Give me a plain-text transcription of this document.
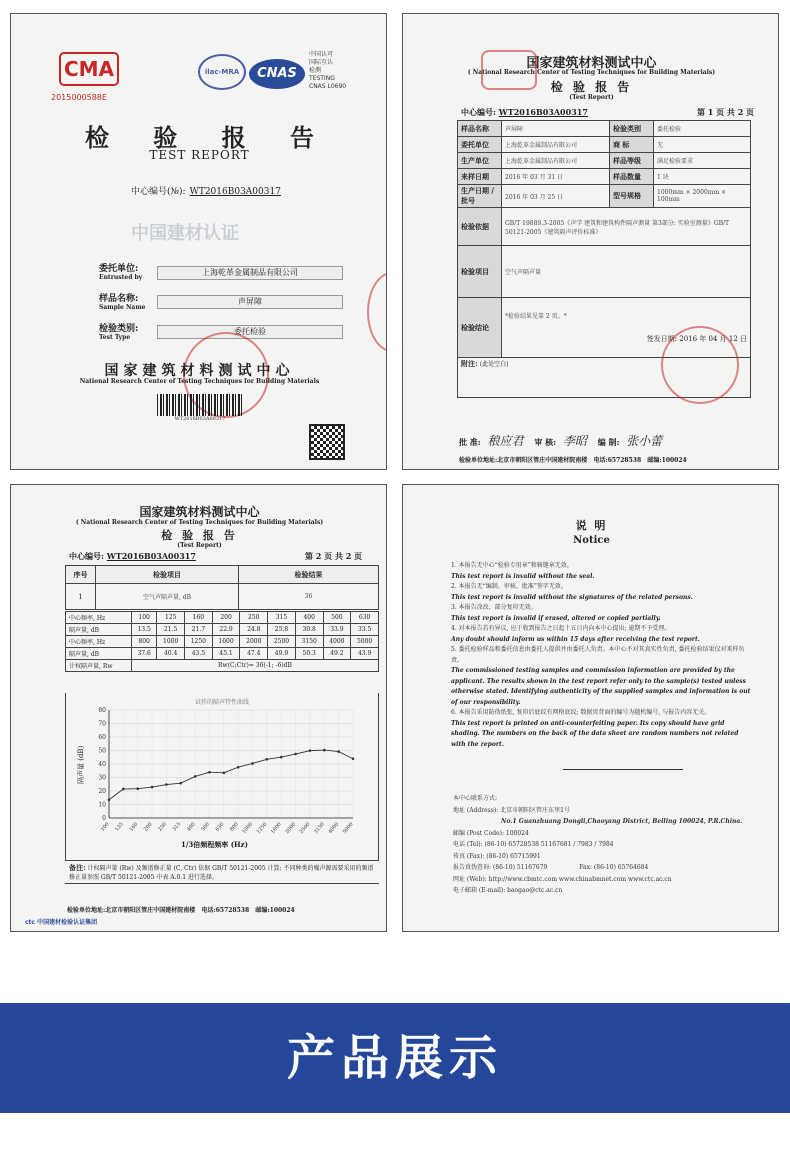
CMA
2015000588E
ilac-MRA	CNAS
中国认可
国际互认
检测
TESTING
CNAS L0690
检 验 报 告
TEST REPORT
中心编号(№): WT2016B03A00317
中国建材认证
委托单位:
Entrusted by
上海乾革金属制品有限公司
样品名称:
Sample Name
声屏障
检验类别:
Test Type
委托检验
国家建筑材料测试中心
National Research Center of Testing Techniques for Building Materials
WT2016B03A00317
国家建筑材料测试中心
( National Research Center of Testing Techniques for Building Materials)
检 验 报 告
(Test Report)
中心编号: WT2016B03A00317	第 1 页 共 2 页
样品名称	声屏障	检验类别	委托检验
委托单位	上海乾革金属制品有限公司	商 标	无
生产单位	上海乾革金属制品有限公司	样品等级	满足检验要求
来样日期	2016 年 03 月 31 日	样品数量	1 块
生产日期 /批号	2016 年 03 月 25 日	型号规格	1000mm × 2000mm × 100mm
检验依据	GB/T 19889.3-2005《声学 建筑和建筑构件隔声测量 第3部分: 实验室测量》GB/T 50121-2005《建筑隔声评价标准》		
检验项目	空气声隔声量		
检验结论	*检验结果见第 2 页。*
签发日期: 2016 年 04 月 12 日		

附注: (此处空白)			
批 准: 稂应君 审 核: 李昭 编 制: 张小蕾
检验单位地址:北京市朝阳区管庄中国建材院南楼 电话:65728538 邮编:100024
国家建筑材料测试中心
( National Research Center of Testing Techniques for Building Materials)
检 验 报 告
(Test Report)
中心编号: WT2016B03A00317	第 2 页 共 2 页
序号	检验项目	检验结果
1	空气声隔声量, dB	36
中心频率, Hz	100	125	160	200	250	315	400	500	630
隔声量, dB	13.5	21.5	21.7	22.9	24.8	25.8	30.8	33.9	33.5
中心频率, Hz	800	1000	1250	1600	2000	2500	3150	4000	5000
隔声量, dB	37.6	40.4	43.5	45.1	47.4	49.9	50.3	49.2	43.9
计权隔声量, Rw	Rw(C;Ctr)= 36(-1; -6)dB								
试样的隔声特性曲线
0
10
20
30
40
50
60
70
80
100 125 160 200 250 315 400 500 630 800 1000 1250 1600 2000 2500 3150 4000 5000
隔声量 (dB)
1/3倍频程频率 (Hz)
备注: 计权隔声量 (Rw) 及频谱修正量 (C, Ctr) 依据 GB/T 50121-2005 计算; 不同种类的噪声源需要采用的频谱修正量参照 GB/T 50121-2005 中表 A.0.1 进行选择。
检验单位地址:北京市朝阳区管庄中国建材院南楼 电话:65728538 邮编:100024
ctc 中国建材检验认证集团
说 明
Notice

1. 本报告无中心“检验专用章”和骑缝章无效。

This test report is invalid without the seal.

2. 本报告无“编制、审核、批准”签字无效。

This test report is invalid without the signatures of the related persons.

3. 本报告涂改、部分复印无效。

This test report is invalid if erased, altered or copied partially.

4. 对本报告若有异议, 应于收到报告之日起十五日内向本中心提出; 逾期不予受理。

Any doubt should inform us within 15 days after receiving the test report.

5. 委托检验样品和委托信息由委托人提供并由委托人负责。本中心不对其真实性负责, 委托检验结果仅对来样负责。

The commissioned testing samples and commission information are provided by the applicant. The results shown in the test report refer only to the sample(s) tested unless otherwise stated. Identifying authenticity of the supplied samples and information is out of our responsibility.

6. 本报告采用防伪纸张, 复印后底纹有网格底纹; 数据页背面的编号为随机编号, 与报告内容无关。

This test report is printed on anti-counterfeiting paper. Its copy should have grid shading. The numbers on the back of the data sheet are random numbers not related with the report.

本中心联系方式:
地址 (Address): 北京市朝阳区管庄东里1号
No.1 Guanzhuang Dongli,Chaoyang District, Beiling 100024, P.R.China.
邮编 (Post Code): 100024
电话 (Tel): (86-10) 65728538 51167681 / 7983 / 7984
传真 (Fax): (86-10) 65715991
报告真伪查询: (86-10) 51167679	Fax: (86-10) 65764684
网址 (Web): http://www.cbmtc.com www.chinabmnet.com www.ctc.ac.cn
电子邮箱 (E-mail): baogao@ctc.ac.cn
产品展示
